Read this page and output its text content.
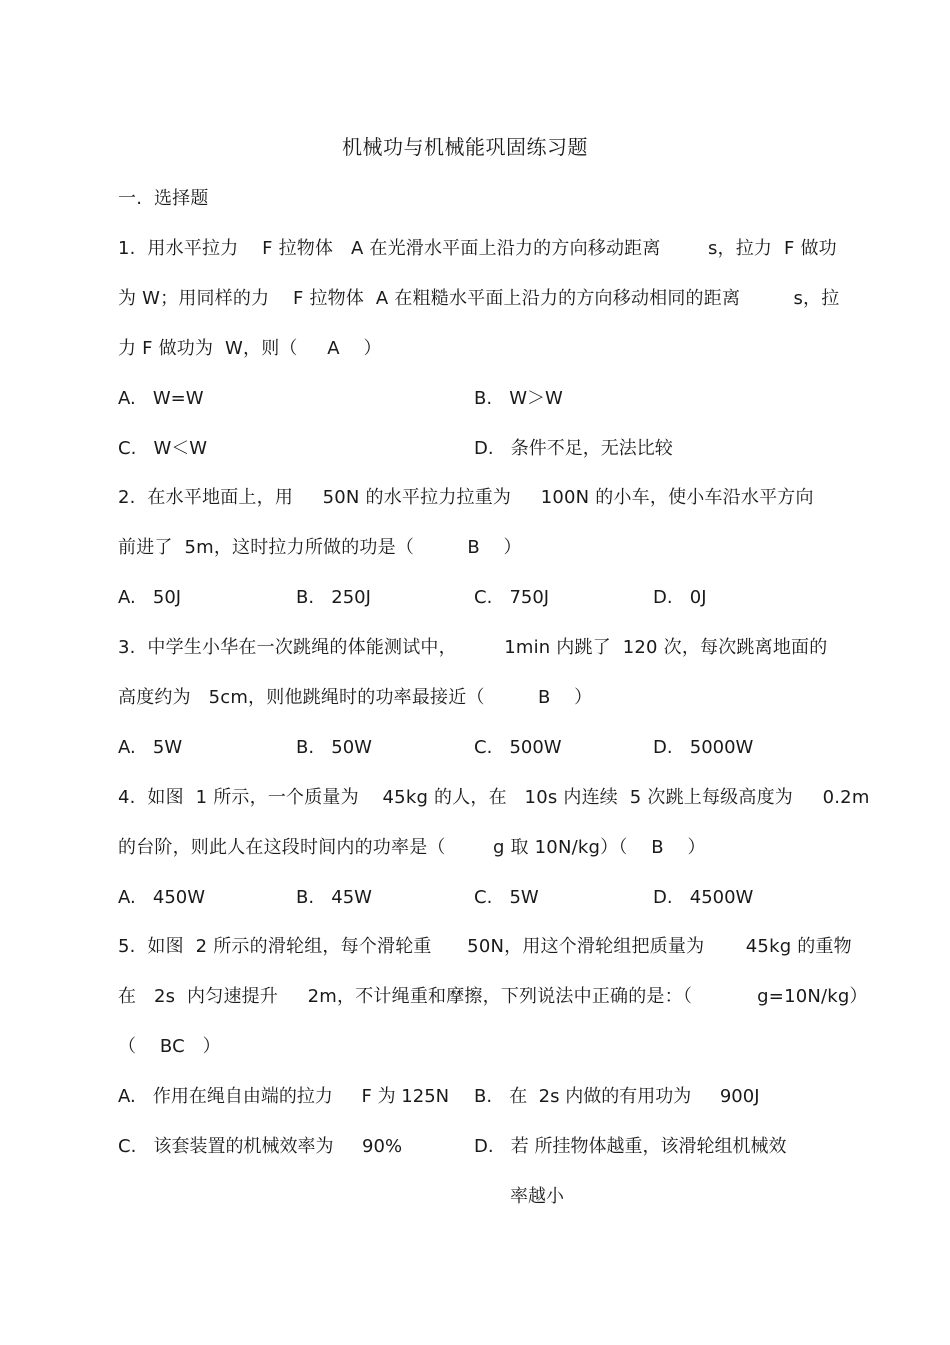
机械功与机械能巩固练习题
一.  选择题
1.  用水平拉力    F 拉物体   A 在光滑水平面上沿力的方向移动距离        s，拉力  F 做功
为 W；用同样的力    F 拉物体  A 在粗糙水平面上沿力的方向移动相同的距离         s，拉
力 F 做功为  W，则（     A    ）
A.   W=W	B.   W＞W
C.   W＜W	D.   条件不足，无法比较
2.  在水平地面上，用     50N 的水平拉力拉重为     100N 的小车，使小车沿水平方向
前进了  5m，这时拉力所做的功是（         B    ）
A.   50J	B.   250J	C.   750J	D.   0J
3.  中学生小华在一次跳绳的体能测试中，        1min 内跳了  120 次，每次跳离地面的
高度约为   5cm，则他跳绳时的功率最接近（         B    ）
A.   5W	B.   50W	C.   500W	D.   5000W
4.  如图  1 所示，一个质量为    45kg 的人，在   10s 内连续  5 次跳上每级高度为     0.2m
的台阶，则此人在这段时间内的功率是（        g 取 10N/kg）（    B    ）
A.   450W	B.   45W	C.   5W	D.   4500W
5.  如图  2 所示的滑轮组，每个滑轮重      50N，用这个滑轮组把质量为       45kg 的重物
在   2s  内匀速提升     2m，不计绳重和摩擦，下列说法中正确的是：（           g=10N/kg）
（    BC   ）
A.   作用在绳自由端的拉力     F 为 125N B.   在  2s 内做的有用功为     900J
C.   该套装置的机械效率为     90%	D.   若 所挂物体越重，该滑轮组机械效
率越小
